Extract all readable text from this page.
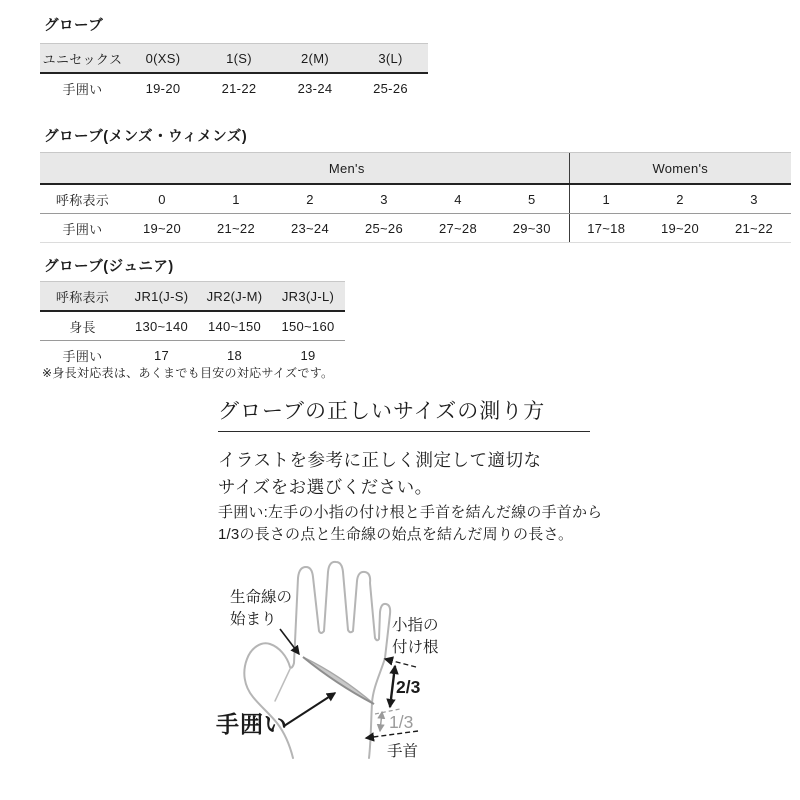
グローブ
ユニセックス	0(XS)	1(S)	2(M)	3(L)
手囲い	19-20	21-22	23-24	25-26
グローブ(メンズ・ウィメンズ)
	Men's						Women's		
呼称表示	0	1	2	3	4	5	1	2	3
手囲い	19~20	21~22	23~24	25~26	27~28	29~30	17~18	19~20	21~22
グローブ(ジュニア)
呼称表示	JR1(J-S)	JR2(J-M)	JR3(J-L)
身長	130~140	140~150	150~160
手囲い	17	18	19
※身長対応表は、あくまでも目安の対応サイズです。
グローブの正しいサイズの測り方
イラストを参考に正しく測定して適切な
サイズをお選びください。
手囲い:左手の小指の付け根と手首を結んだ線の手首から
1/3の長さの点と生命線の始点を結んだ周りの長さ。
生命線の
始まり	小指の
付け根
2/3
1/3
手首
手囲い
